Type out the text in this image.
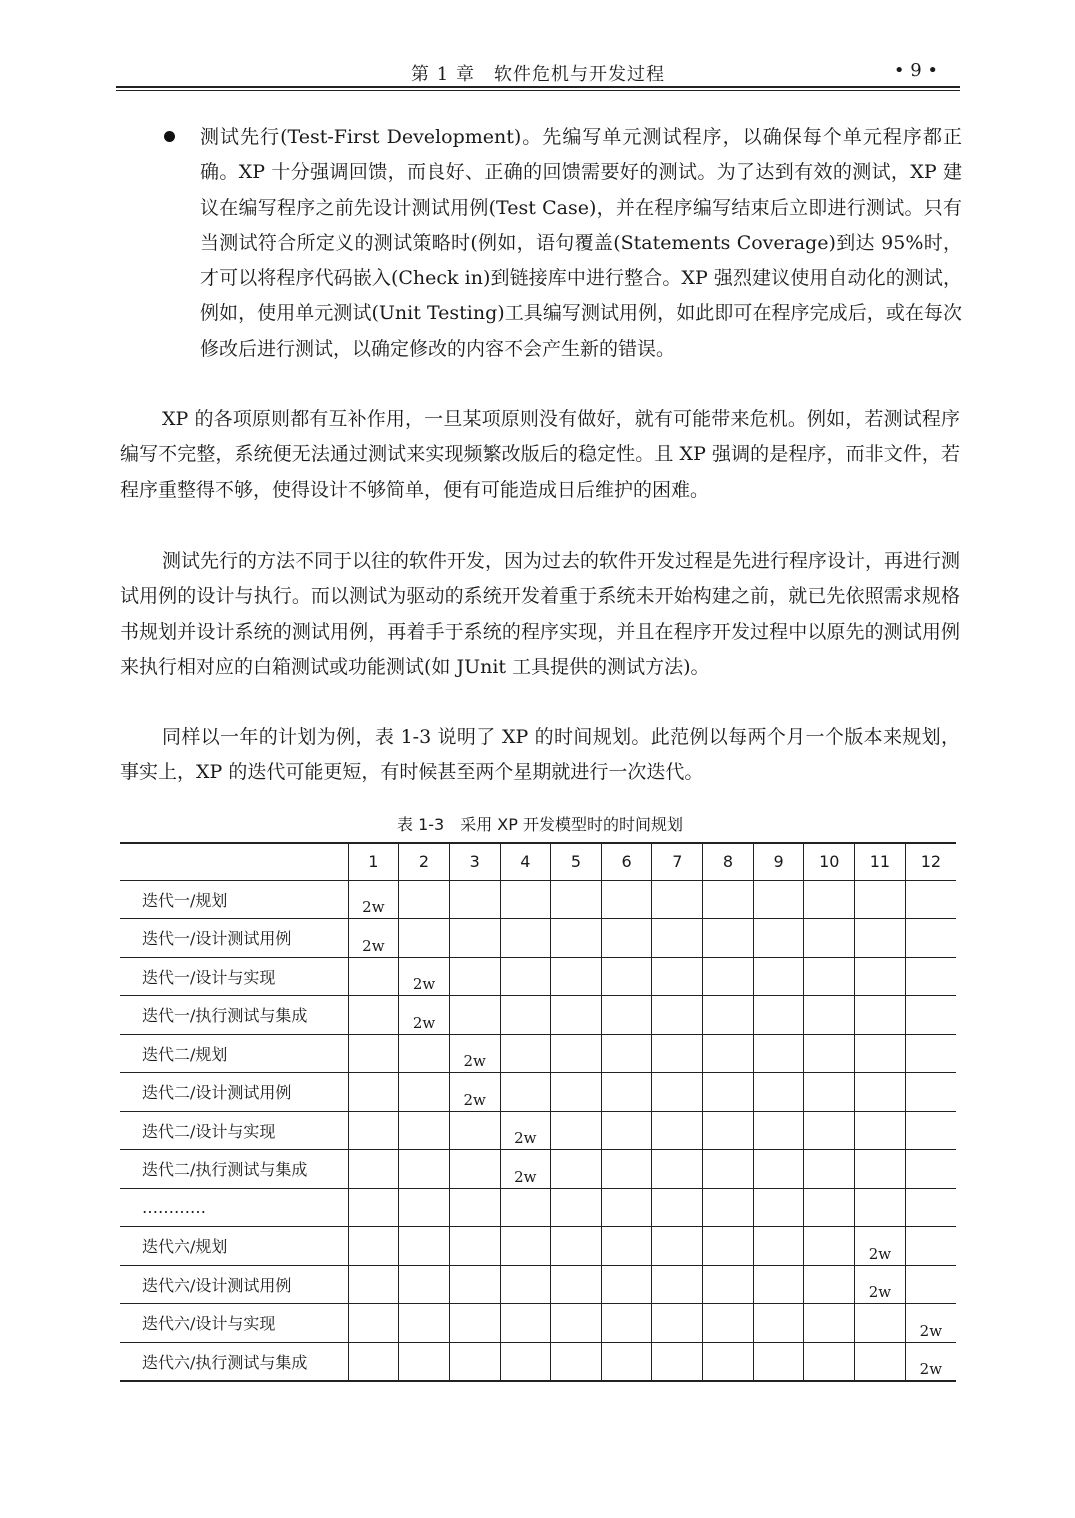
第 1 章　软件危机与开发过程	• 9 •
测试先行(Test-First Development)。先编写单元测试程序，以确保每个单元程序都正确。XP 十分强调回馈，而良好、正确的回馈需要好的测试。为了达到有效的测试，XP 建议在编写程序之前先设计测试用例(Test Case)，并在程序编写结束后立即进行测试。只有当测试符合所定义的测试策略时(例如，语句覆盖(Statements Coverage)到达 95%时，才可以将程序代码嵌入(Check in)到链接库中进行整合。XP 强烈建议使用自动化的测试，例如，使用单元测试(Unit Testing)工具编写测试用例，如此即可在程序完成后，或在每次修改后进行测试，以确定修改的内容不会产生新的错误。

XP 的各项原则都有互补作用，一旦某项原则没有做好，就有可能带来危机。例如，若测试程序编写不完整，系统便无法通过测试来实现频繁改版后的稳定性。且 XP 强调的是程序，而非文件，若程序重整得不够，使得设计不够简单，便有可能造成日后维护的困难。

测试先行的方法不同于以往的软件开发，因为过去的软件开发过程是先进行程序设计，再进行测试用例的设计与执行。而以测试为驱动的系统开发着重于系统未开始构建之前，就已先依照需求规格书规划并设计系统的测试用例，再着手于系统的程序实现，并且在程序开发过程中以原先的测试用例来执行相对应的白箱测试或功能测试(如 JUnit 工具提供的测试方法)。

同样以一年的计划为例，表 1-3 说明了 XP 的时间规划。此范例以每两个月一个版本来规划，事实上，XP 的迭代可能更短，有时候甚至两个星期就进行一次迭代。

表 1-3　采用 XP 开发模型时的时间规划
	1	2	3	4	5	6	7	8	9	10	11	12
迭代一/规划	2w											
迭代一/设计测试用例	2w											
迭代一/设计与实现		2w										
迭代一/执行测试与集成		2w										
迭代二/规划			2w									
迭代二/设计测试用例			2w									
迭代二/设计与实现				2w								
迭代二/执行测试与集成				2w								
…………												
迭代六/规划											2w	
迭代六/设计测试用例											2w	
迭代六/设计与实现												2w
迭代六/执行测试与集成												2w
